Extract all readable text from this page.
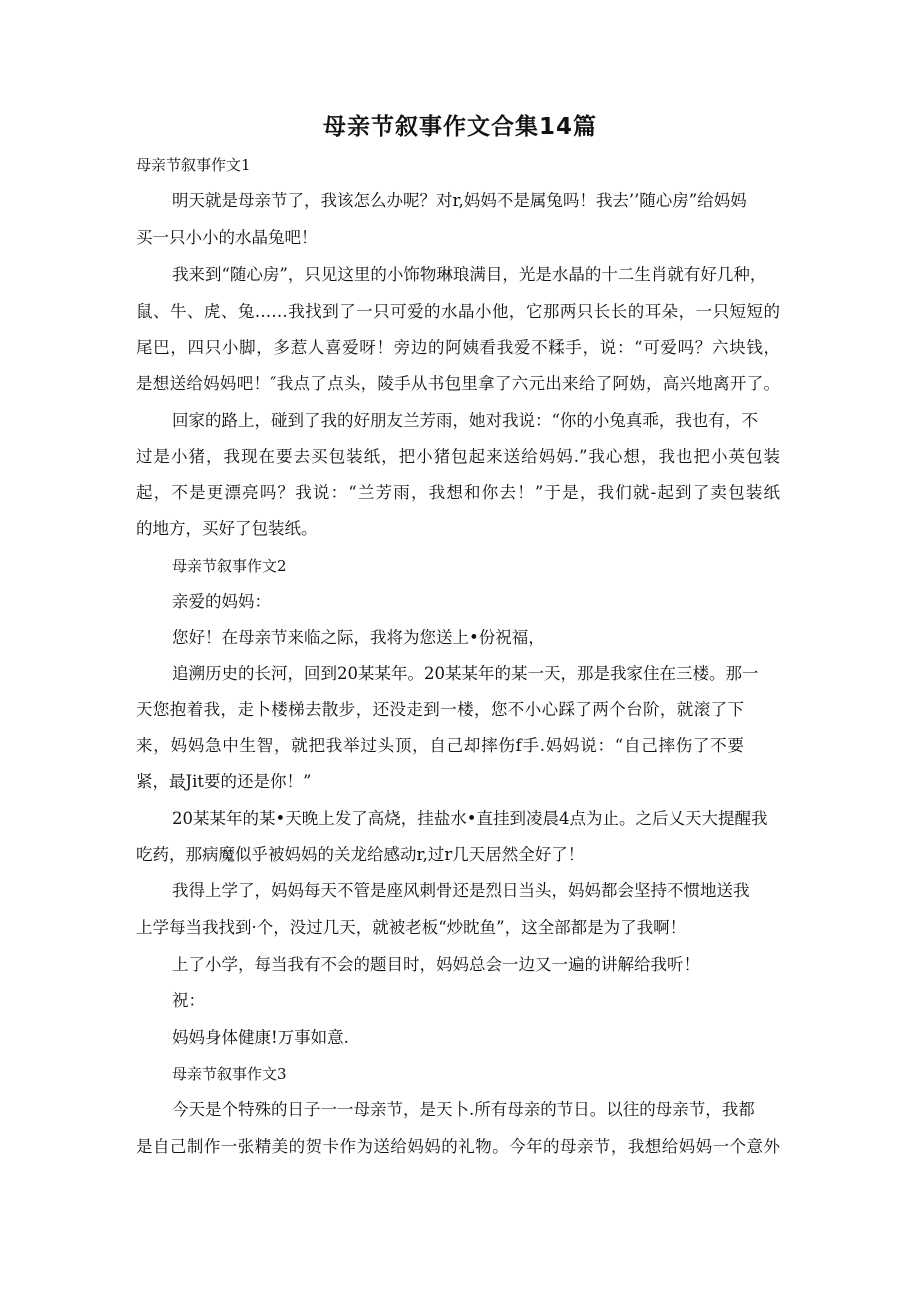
母亲节叙事作文合集14篇

母亲节叙事作文1

明天就是母亲节了，我该怎么办呢？对r,妈妈不是属兔吗！我去’’随心房”给妈妈

买一只小小的水晶兔吧！

我来到“随心房”，只见这里的小饰物琳琅满目，光是水晶的十二生肖就有好几种，

鼠、牛、虎、兔……我找到了一只可爱的水晶小他，它那两只长长的耳朵，一只短短的

尾巴，四只小脚，多惹人喜爱呀！旁边的阿姨看我爱不糅手，说：“可爱吗？六块钱，

是想送给妈妈吧！″我点了点头，陵手从书包里拿了六元出来给了阿妫，高兴地离开了。

回家的路上，碰到了我的好朋友兰芳雨，她对我说：“你的小兔真乖，我也有，不

过是小猪，我现在要去买包装纸，把小猪包起来送给妈妈.”我心想，我也把小英包装

起，不是更漂亮吗？我说：“兰芳雨，我想和你去！”于是，我们就-起到了卖包装纸

的地方，买好了包装纸。

母亲节叙事作文2

亲爱的妈妈：

您好！在母亲节来临之际，我将为您送上•份祝福，

追溯历史的长河，回到20某某年。20某某年的某一天，那是我家住在三楼。那一

天您抱着我，走卜楼梯去散步，还没走到一楼，您不小心踩了两个台阶，就滚了下

来，妈妈急中生智，就把我举过头顶，自己却摔伤f手.妈妈说：“自己摔伤了不要

紧，最Jit要的还是你！”

20某某年的某•天晚上发了高烧，挂盐水•直挂到凌晨4点为止。之后乂天大提醒我

吃药，那病魔似乎被妈妈的关龙给感动r,过r几天居然全好了！

我得上学了，妈妈每天不管是座风刺骨还是烈日当头，妈妈都会坚持不惯地送我

上学每当我找到·个，没过几天，就被老板“炒眈鱼”，这全部都是为了我啊！

上了小学，每当我有不会的题目时，妈妈总会一边又一遍的讲解给我听！

祝：

妈妈身体健康!万事如意.

母亲节叙事作文3

今天是个特殊的日子一一母亲节，是天卜.所有母亲的节日。以往的母亲节，我都

是自己制作一张精美的贺卡作为送给妈妈的礼物。今年的母亲节，我想给妈妈一个意外
